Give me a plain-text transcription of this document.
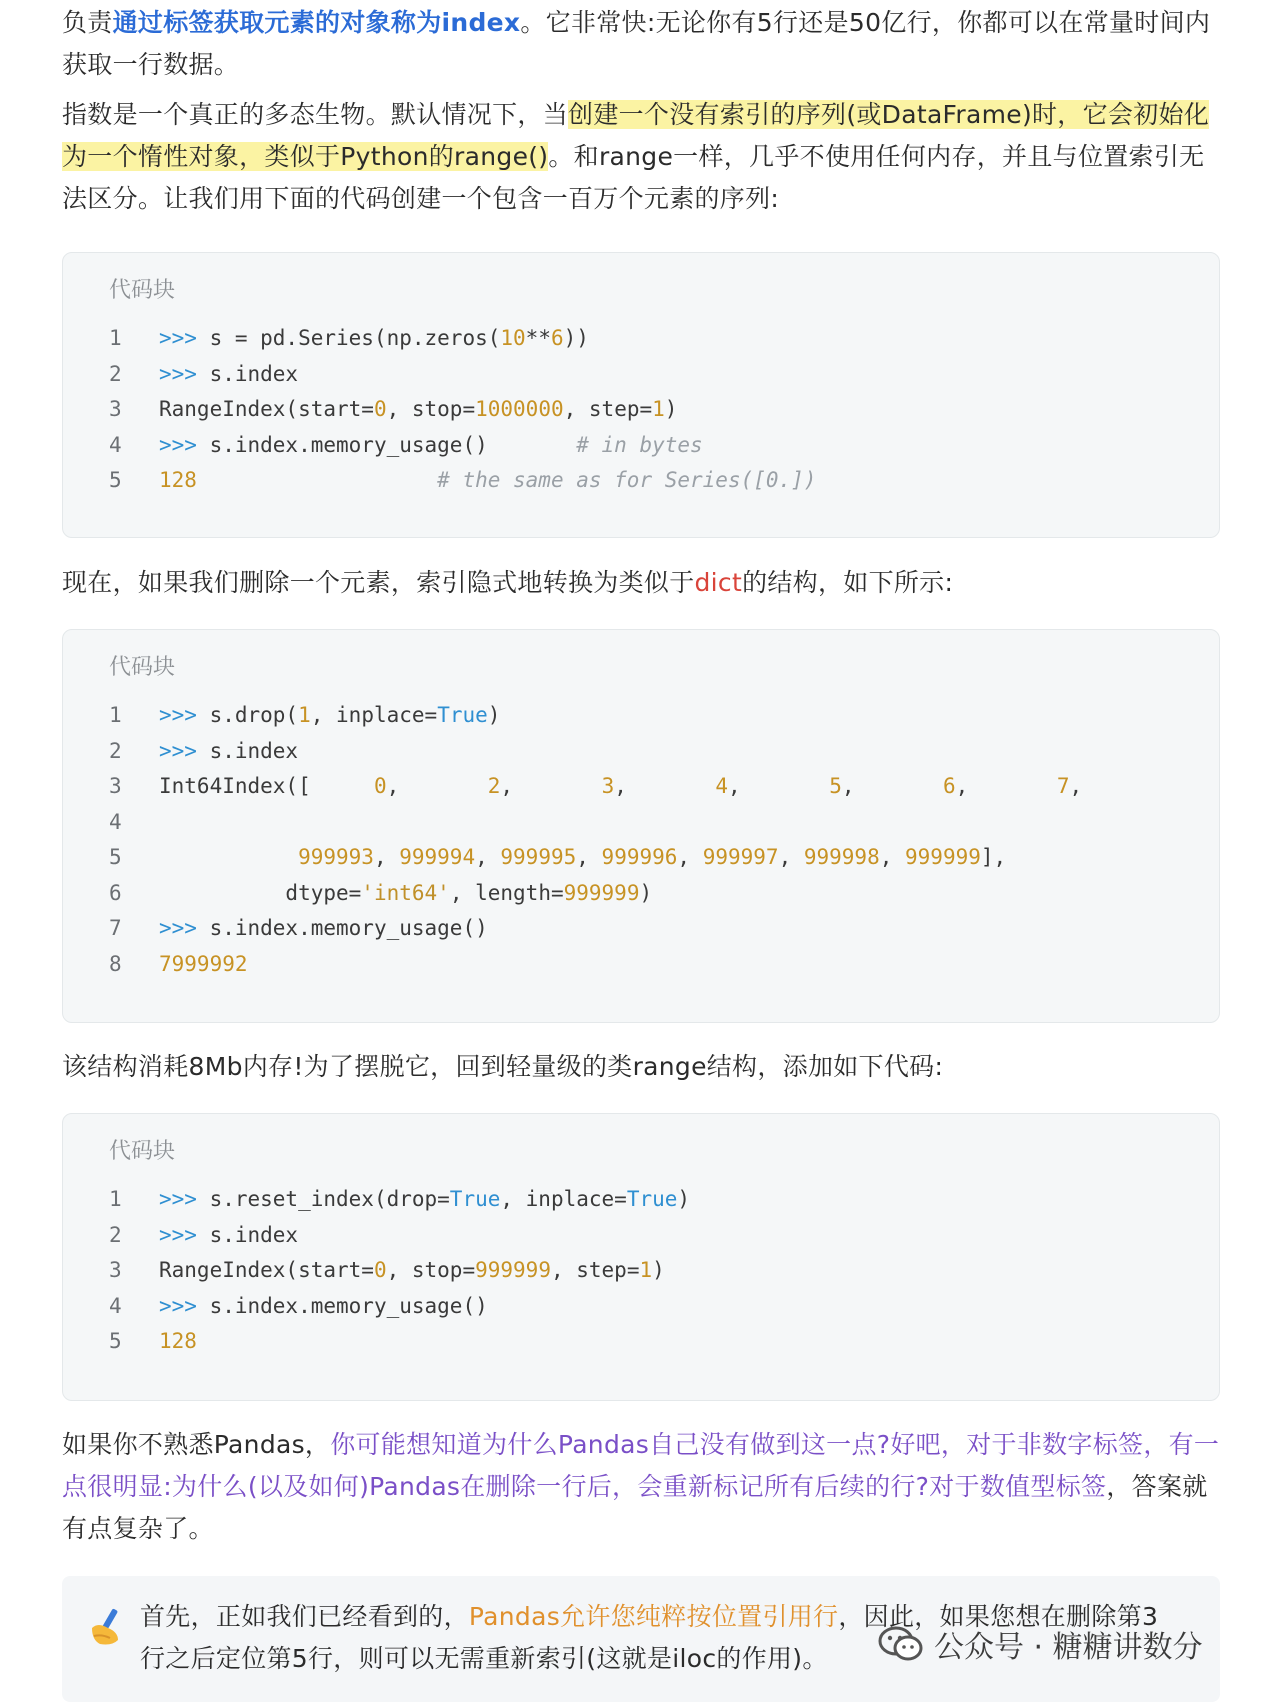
负责通过标签获取元素的对象称为index。它非常快:无论你有5行还是50亿行，你都可以在常量时间内获取一行数据。

指数是一个真正的多态生物。默认情况下，当创建一个没有索引的序列(或DataFrame)时，它会初始化为一个惰性对象，类似于Python的range()。和range一样，几乎不使用任何内存，并且与位置索引无法区分。让我们用下面的代码创建一个包含一百万个元素的序列:

代码块
1	>>> s = pd.Series(np.zeros(10**6))
2	>>> s.index
3	RangeIndex(start=0, stop=1000000, step=1)
4	>>> s.index.memory_usage()       # in bytes
5	128	# the same as for Series([0.])

现在，如果我们删除一个元素，索引隐式地转换为类似于dict的结构，如下所示:

代码块
1	>>> s.drop(1, inplace=True)
2	>>> s.index
3	Int64Index([     0,       2,       3,       4,       5,       6,       7,
4
5	999993, 999994, 999995, 999996, 999997, 999998, 999999],
6	dtype='int64', length=999999)
7	>>> s.index.memory_usage()
8	7999992

该结构消耗8Mb内存!为了摆脱它，回到轻量级的类range结构，添加如下代码:

代码块
1	>>> s.reset_index(drop=True, inplace=True)
2	>>> s.index
3	RangeIndex(start=0, stop=999999, step=1)
4	>>> s.index.memory_usage()
5	128

如果你不熟悉Pandas，你可能想知道为什么Pandas自己没有做到这一点?好吧，对于非数字标签，有一点很明显:为什么(以及如何)Pandas在删除一行后，会重新标记所有后续的行?对于数值型标签，答案就有点复杂了。

首先，正如我们已经看到的，Pandas允许您纯粹按位置引用行，因此，如果您想在删除第3行之后定位第5行，则可以无需重新索引(这就是iloc的作用)。	公众号 · 糖糖讲数分
